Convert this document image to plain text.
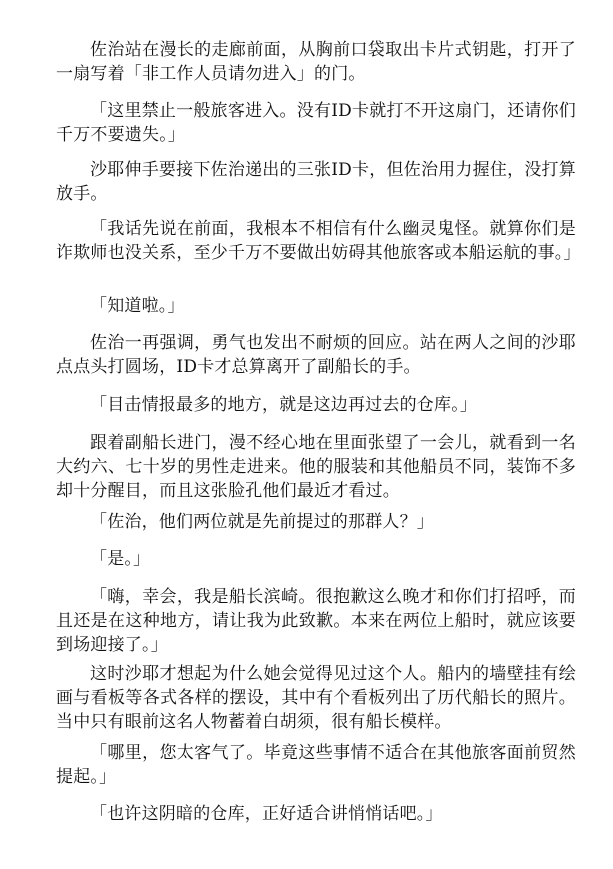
佐治站在漫长的走廊前面，从胸前口袋取出卡片式钥匙，打开了一扇写着「非工作人员请勿进入」的门。

「这里禁止一般旅客进入。没有ID卡就打不开这扇门，还请你们千万不要遗失。」

沙耶伸手要接下佐治递出的三张ID卡，但佐治用力握住，没打算放手。

「我话先说在前面，我根本不相信有什么幽灵鬼怪。就算你们是诈欺师也没关系，至少千万不要做出妨碍其他旅客或本船运航的事。」

「知道啦。」

佐治一再强调，勇气也发出不耐烦的回应。站在两人之间的沙耶点点头打圆场，ID卡才总算离开了副船长的手。

「目击情报最多的地方，就是这边再过去的仓库。」

跟着副船长进门，漫不经心地在里面张望了一会儿，就看到一名大约六、七十岁的男性走进来。他的服装和其他船员不同，装饰不多却十分醒目，而且这张脸孔他们最近才看过。

「佐治，他们两位就是先前提过的那群人？」

「是。」

「嗨，幸会，我是船长滨崎。很抱歉这么晚才和你们打招呼，而且还是在这种地方，请让我为此致歉。本来在两位上船时，就应该要到场迎接了。」

这时沙耶才想起为什么她会觉得见过这个人。船内的墙壁挂有绘画与看板等各式各样的摆设，其中有个看板列出了历代船长的照片。当中只有眼前这名人物蓄着白胡须，很有船长模样。

「哪里，您太客气了。毕竟这些事情不适合在其他旅客面前贸然提起。」

「也许这阴暗的仓库，正好适合讲悄悄话吧。」
